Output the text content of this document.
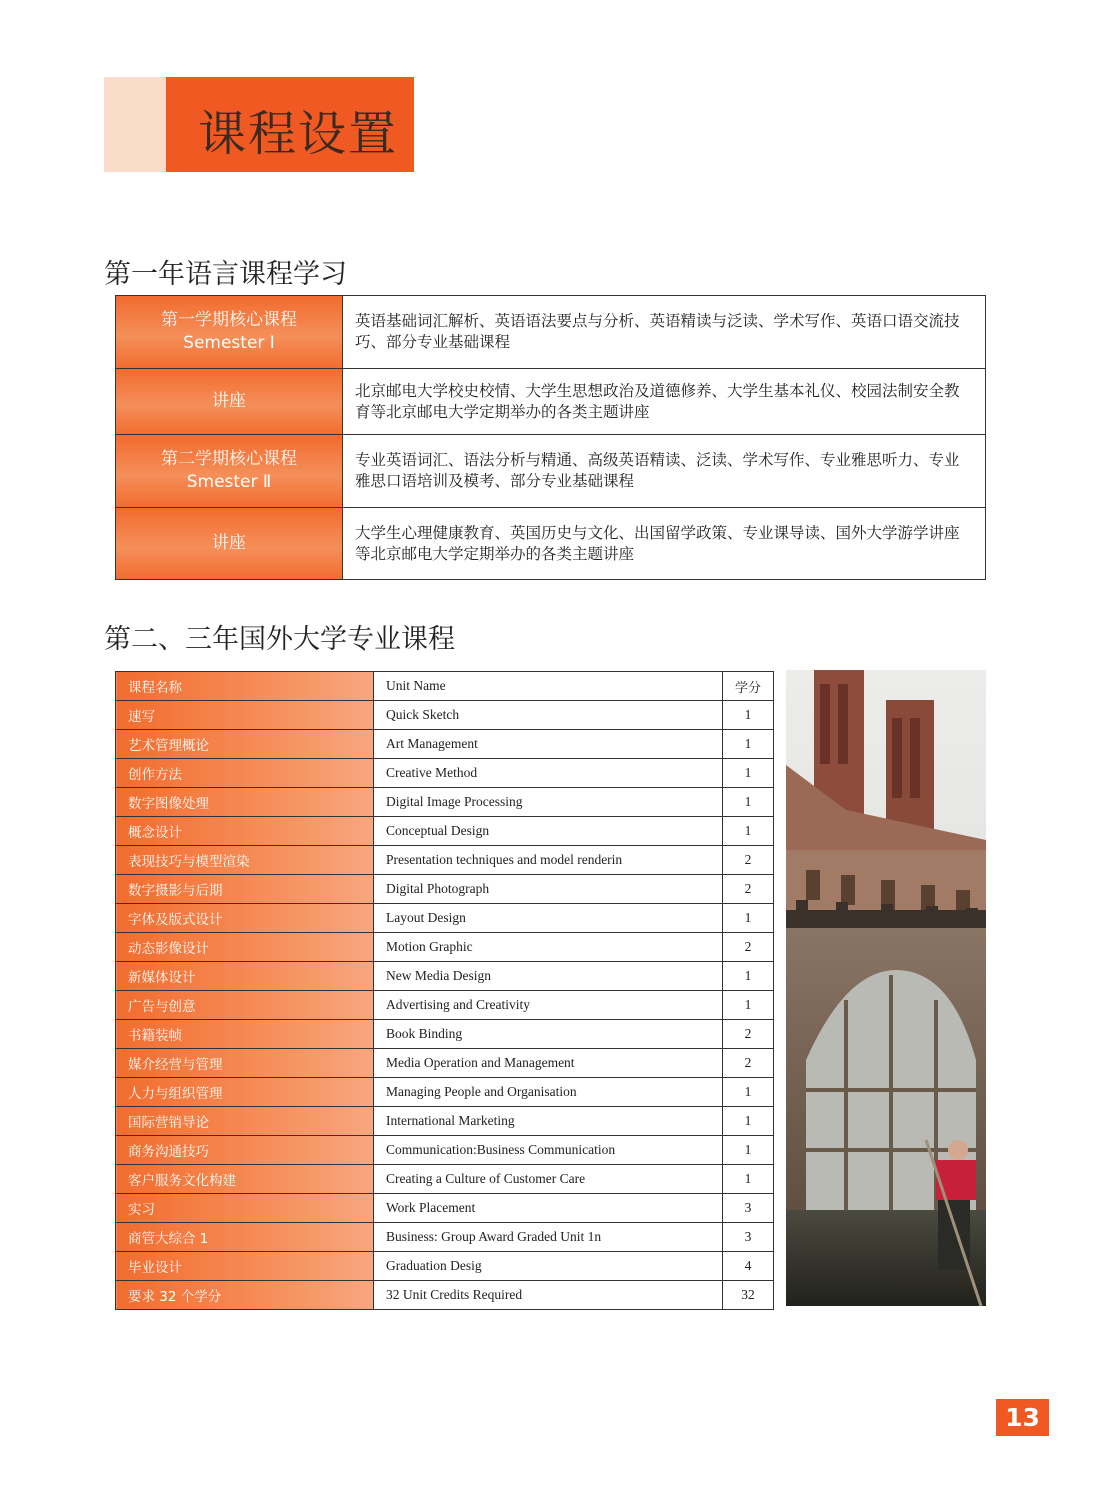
课程设置
第一年语言课程学习
第一学期核心课程
Semester Ⅰ	英语基础词汇解析、英语语法要点与分析、英语精读与泛读、学术写作、英语口语交流技巧、部分专业基础课程

讲座	北京邮电大学校史校情、大学生思想政治及道德修养、大学生基本礼仪、校园法制安全教育等北京邮电大学定期举办的各类主题讲座

第二学期核心课程
Smester Ⅱ	专业英语词汇、语法分析与精通、高级英语精读、泛读、学术写作、专业雅思听力、专业雅思口语培训及模考、部分专业基础课程

讲座	大学生心理健康教育、英国历史与文化、出国留学政策、专业课导读、国外大学游学讲座等北京邮电大学定期举办的各类主题讲座
第二、三年国外大学专业课程
课程名称	Unit Name	学分
速写	Quick Sketch	1
艺术管理概论	Art Management	1
创作方法	Creative Method	1
数字图像处理	Digital Image Processing	1
概念设计	Conceptual Design	1
表现技巧与模型渲染	Presentation techniques and model renderin	2
数字摄影与后期	Digital Photograph	2
字体及版式设计	Layout Design	1
动态影像设计	Motion Graphic	2
新媒体设计	New Media Design	1
广告与创意	Advertising and Creativity	1
书籍装帧	Book Binding	2
媒介经营与管理	Media Operation and Management	2
人力与组织管理	Managing People and Organisation	1
国际营销导论	International Marketing	1
商务沟通技巧	Communication:Business Communication	1
客户服务文化构建	Creating a Culture of Customer Care	1
实习	Work Placement	3
商管大综合 1	Business: Group Award Graded Unit 1n	3
毕业设计	Graduation Desig	4
要求 32 个学分	32 Unit Credits Required	32
13
